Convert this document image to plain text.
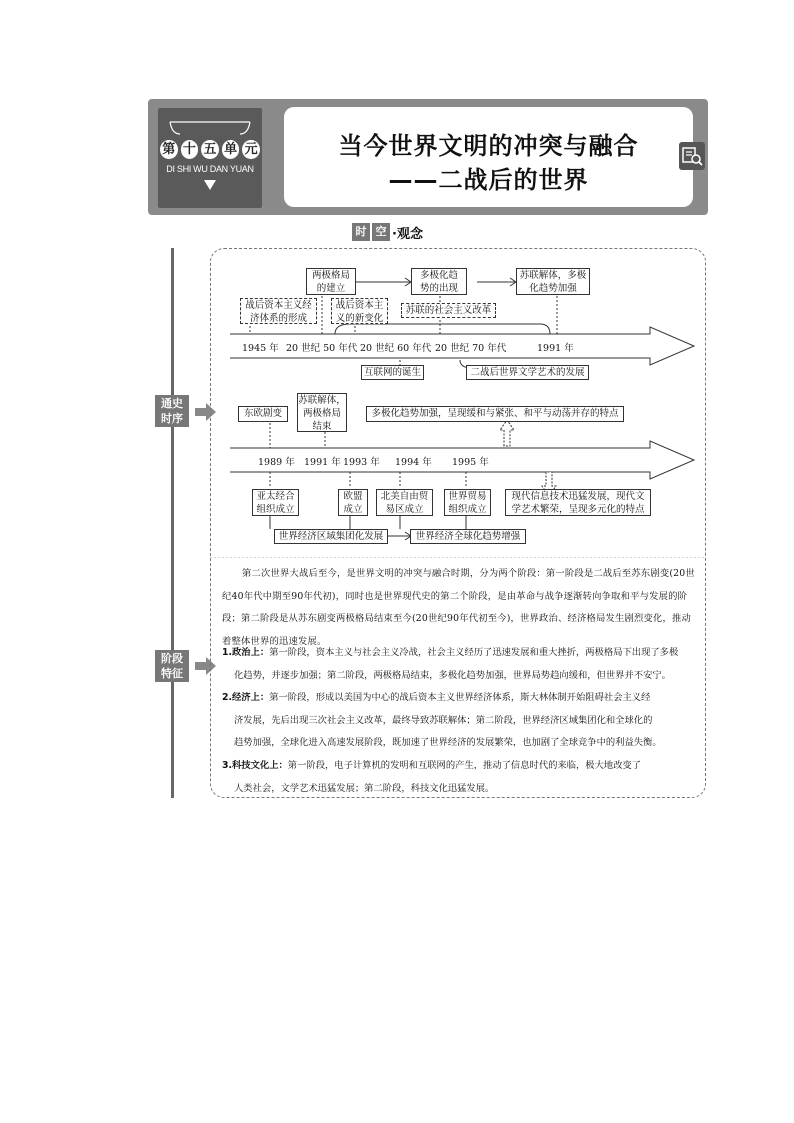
第 十 五 单 元
DI SHI WU DAN YUAN
当今世界文明的冲突与融合
——二战后的世界
时 空 ·观念
通史
时序
阶段
特征
两极格局
的建立
多极化趋
势的出现
苏联解体，多极
化趋势加强
战后资本主义经
济体系的形成
战后资本主
义的新变化
苏联的社会主义改革
1945 年 20 世纪 50 年代 20 世纪 60 年代 20 世纪 70 年代	1991 年
互联网的诞生	二战后世界文学艺术的发展
东欧剧变
苏联解体，
两极格局
结束
多极化趋势加强，呈现缓和与紧张、和平与动荡并存的特点
1989 年 1991 年 1993 年 1994 年 1995 年
亚太经合
组织成立
欧盟
成立
北美自由贸
易区成立
世界贸易
组织成立
现代信息技术迅猛发展，现代文
学艺术繁荣，呈现多元化的特点
世界经济区域集团化发展	世界经济全球化趋势增强
第二次世界大战后至今，是世界文明的冲突与融合时期，分为两个阶段：第一阶段是二战后至苏东剧变(20世纪40年代中期至90年代初)，同时也是世界现代史的第二个阶段，是由革命与战争逐渐转向争取和平与发展的阶段；第二阶段是从苏东剧变两极格局结束至今(20世纪90年代初至今)，世界政治、经济格局发生剧烈变化，推动着整体世界的迅速发展。
1.政治上：第一阶段，资本主义与社会主义冷战，社会主义经历了迅速发展和重大挫折，两极格局下出现了多极

化趋势，并逐步加强；第二阶段，两极格局结束，多极化趋势加强，世界局势趋向缓和，但世界并不安宁。
2.经济上：第一阶段，形成以美国为中心的战后资本主义世界经济体系，斯大林体制开始阻碍社会主义经

济发展，先后出现三次社会主义改革，最终导致苏联解体；第二阶段，世界经济区域集团化和全球化的
趋势加强，全球化进入高速发展阶段，既加速了世界经济的发展繁荣，也加剧了全球竞争中的利益失衡。
3.科技文化上：第一阶段，电子计算机的发明和互联网的产生，推动了信息时代的来临，极大地改变了

人类社会，文学艺术迅猛发展；第二阶段，科技文化迅猛发展。
